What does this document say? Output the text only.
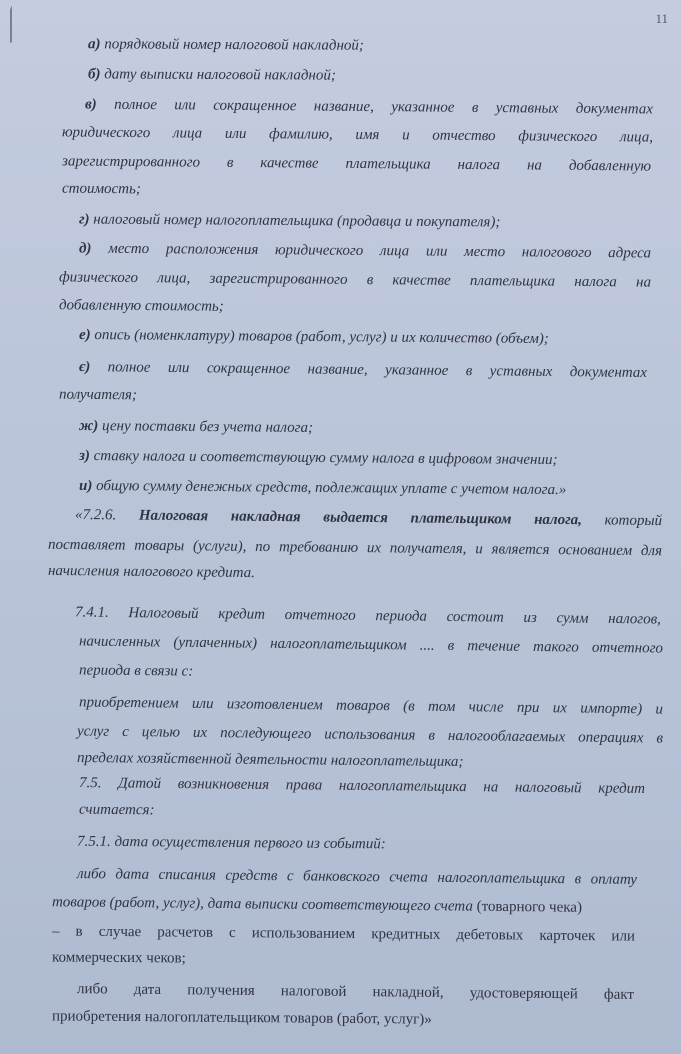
11
а) порядковый номер налоговой накладной;
б) дату выписки налоговой накладной;
в) полное или сокращенное название, указанное в уставных документах
юридического лица или фамилию, имя и отчество физического лица,
зарегистрированного в качестве плательщика налога на добавленную
стоимость;
г) налоговый номер налогоплательщика (продавца и покупателя);
д) место расположения юридического лица или место налогового адреса
физического лица, зарегистрированного в качестве плательщика налога на
добавленную стоимость;
е) опись (номенклатуру) товаров (работ, услуг) и их количество (объем);
є) полное или сокращенное название, указанное в уставных документах
получателя;
ж) цену поставки без учета налога;
з) ставку налога и соответствующую сумму налога в цифровом значении;
и) общую сумму денежных средств, подлежащих уплате с учетом налога.»
«7.2.6. Налоговая накладная выдается плательщиком налога, который
поставляет товары (услуги), по требованию их получателя, и является основанием для
начисления налогового кредита.
7.4.1. Налоговый кредит отчетного периода состоит из сумм налогов,
начисленных (уплаченных) налогоплательщиком .... в течение такого отчетного
периода в связи с:
приобретением или изготовлением товаров (в том числе при их импорте) и
услуг с целью их последующего использования в налогооблагаемых операциях в
пределах хозяйственной деятельности налогоплательщика;
7.5. Датой возникновения права налогоплательщика на налоговый кредит
считается:
7.5.1. дата осуществления первого из событий:
либо дата списания средств с банковского счета налогоплательщика в оплату
товаров (работ, услуг), дата выписки соответствующего счета (товарного чека)
– в случае расчетов с использованием кредитных дебетовых карточек или
коммерческих чеков;
либо дата получения налоговой накладной, удостоверяющей факт
приобретения налогоплательщиком товаров (работ, услуг)»
